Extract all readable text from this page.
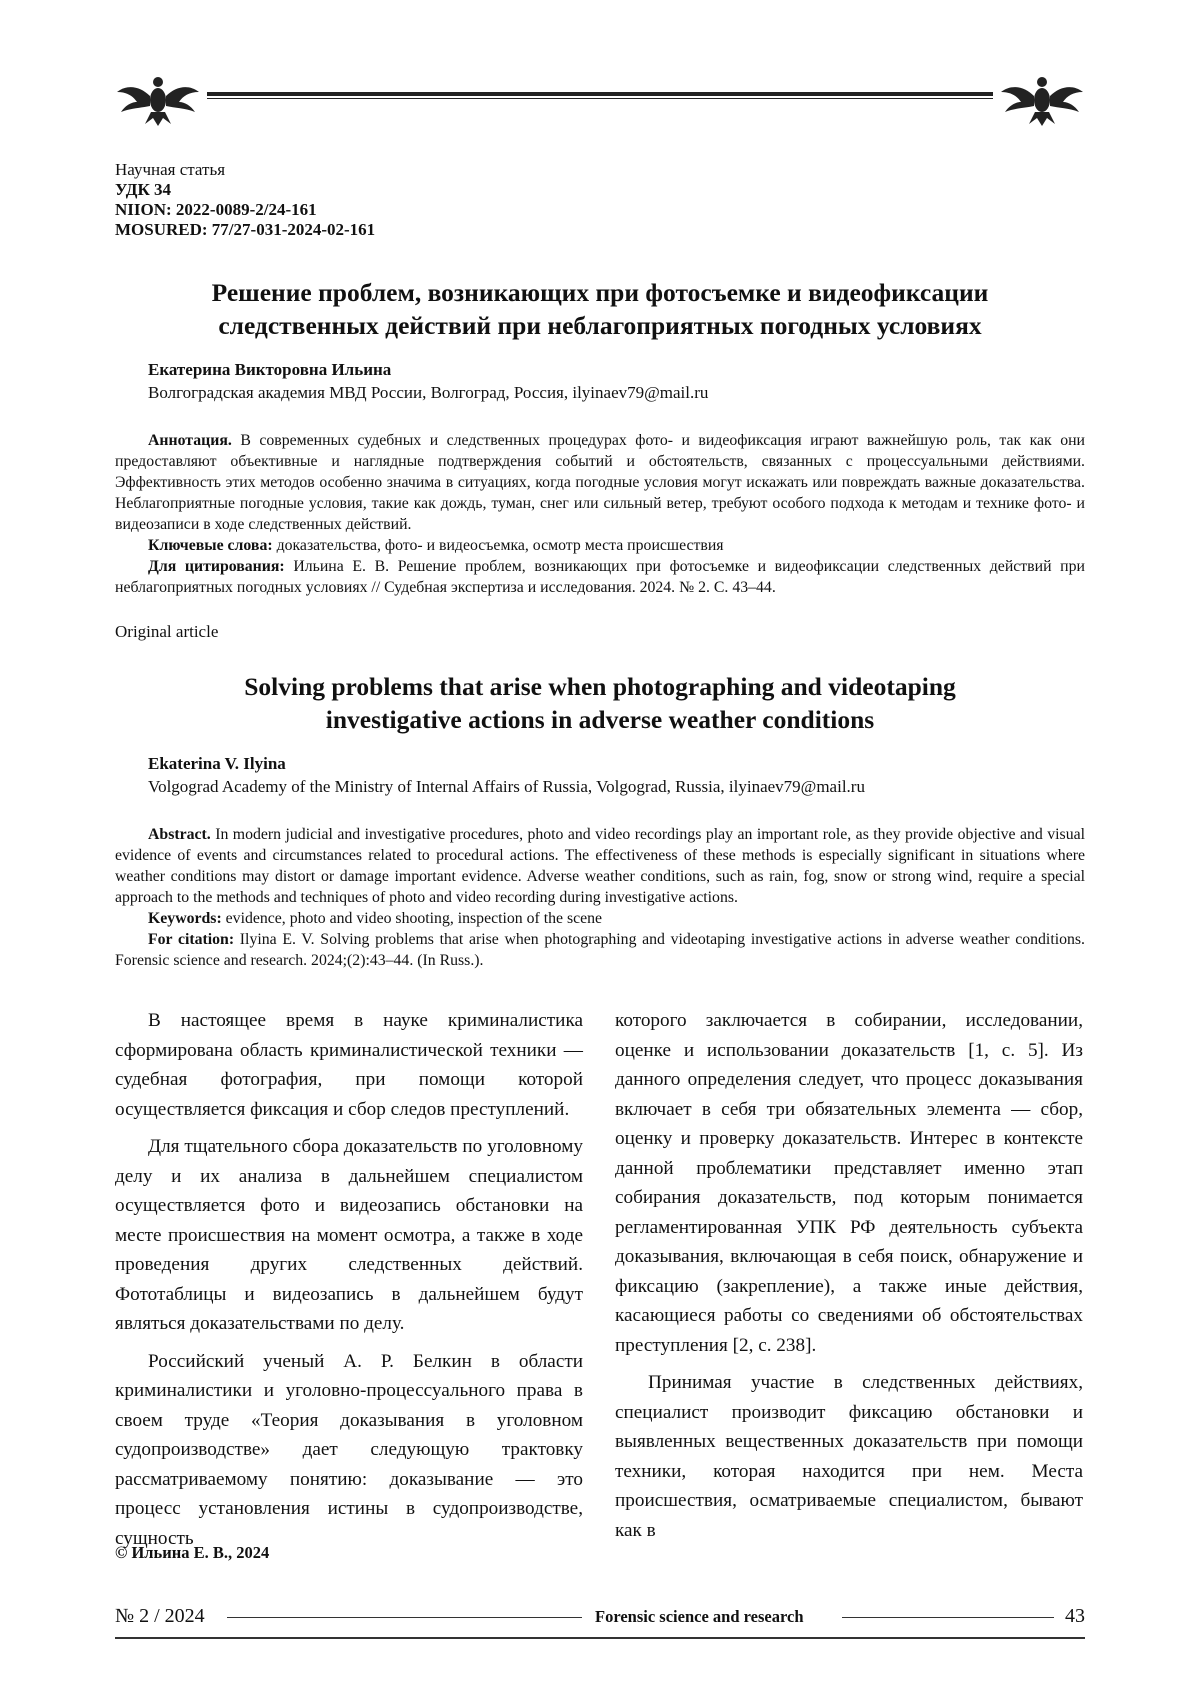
Научная статья
УДК 34
NIION: 2022-0089-2/24-161
MOSURED: 77/27-031-2024-02-161
Решение проблем, возникающих при фотосъемке и видеофиксации
следственных действий при неблагоприятных погодных условиях
Екатерина Викторовна Ильина
Волгоградская академия МВД России, Волгоград, Россия, ilyinaev79@mail.ru

Аннотация. В современных судебных и следственных процедурах фото- и видеофиксация играют важнейшую роль, так как они предоставляют объективные и наглядные подтверждения событий и обстоятельств, связанных с процессуальными действиями. Эффективность этих методов особенно значима в ситуациях, когда погодные условия могут искажать или повреждать важные доказательства. Неблагоприятные погодные условия, такие как дождь, туман, снег или сильный ветер, требуют особого подхода к методам и технике фото- и видеозаписи в ходе следственных действий.

Ключевые слова: доказательства, фото- и видеосъемка, осмотр места происшествия

Для цитирования: Ильина Е. В. Решение проблем, возникающих при фотосъемке и видеофиксации следственных действий при неблагоприятных погодных условиях // Судебная экспертиза и исследования. 2024. № 2. С. 43–44.

Original article
Solving problems that arise when photographing and videotaping
investigative actions in adverse weather conditions
Ekaterina V. Ilyina
Volgograd Academy of the Ministry of Internal Affairs of Russia, Volgograd, Russia, ilyinaev79@mail.ru

Abstract. In modern judicial and investigative procedures, photo and video recordings play an important role, as they provide objective and visual evidence of events and circumstances related to procedural actions. The effectiveness of these methods is especially significant in situations where weather conditions may distort or damage important evidence. Adverse weather conditions, such as rain, fog, snow or strong wind, require a special approach to the methods and techniques of photo and video recording during investigative actions.

Keywords: evidence, photo and video shooting, inspection of the scene

For citation: Ilyina E. V. Solving problems that arise when photographing and videotaping investigative actions in adverse weather conditions. Forensic science and research. 2024;(2):43–44. (In Russ.).

В настоящее время в науке криминалистика сформирована область криминалистической техники — судебная фотография, при помощи которой осуществляется фиксация и сбор следов преступлений.

Для тщательного сбора доказательств по уголовному делу и их анализа в дальнейшем специалистом осуществляется фото и видеозапись обстановки на месте происшествия на момент осмотра, а также в ходе проведения других следственных действий. Фототаблицы и видеозапись в дальнейшем будут являться доказательствами по делу.

Российский ученый А. Р. Белкин в области криминалистики и уголовно-процессуального права в своем труде «Теория доказывания в уголовном судопроизводстве» дает следующую трактовку рассматриваемому понятию: доказывание — это процесс установления истины в судопроизводстве, сущность

которого заключается в собирании, исследовании, оценке и использовании доказательств [1, с. 5]. Из данного определения следует, что процесс доказывания включает в себя три обязательных элемента — сбор, оценку и проверку доказательств. Интерес в контексте данной проблематики представляет именно этап собирания доказательств, под которым понимается регламентированная УПК РФ деятельность субъекта доказывания, включающая в себя поиск, обнаружение и фиксацию (закрепление), а также иные действия, касающиеся работы со сведениями об обстоятельствах преступления [2, с. 238].

Принимая участие в следственных действиях, специалист производит фиксацию обстановки и выявленных вещественных доказательств при помощи техники, которая находится при нем. Места происшествия, осматриваемые специалистом, бывают как в

© Ильина Е. В., 2024
№ 2 / 2024	Forensic science and research	43
